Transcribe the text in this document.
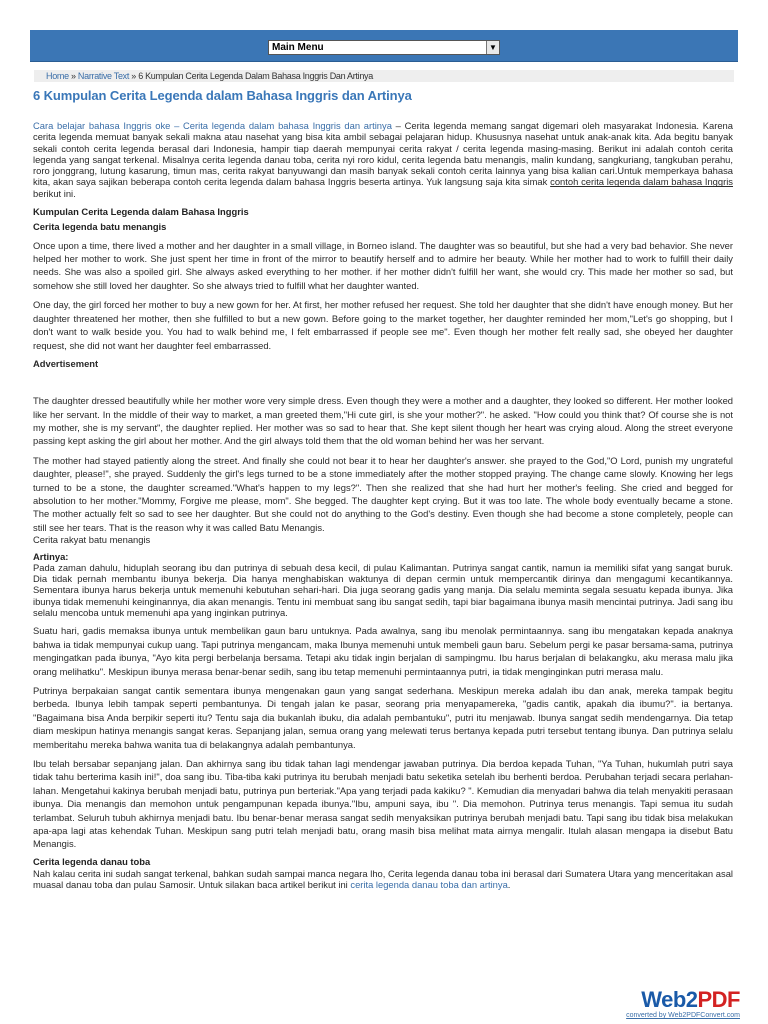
Main Menu	▼
Home » Narrative Text » 6 Kumpulan Cerita Legenda Dalam Bahasa Inggris Dan Artinya
6 Kumpulan Cerita Legenda dalam Bahasa Inggris dan Artinya

Cara belajar bahasa Inggris oke – Cerita legenda dalam bahasa Inggris dan artinya – Cerita legenda memang sangat digemari oleh masyarakat Indonesia. Karena cerita legenda memuat banyak sekali makna atau nasehat yang bisa kita ambil sebagai pelajaran hidup. Khususnya nasehat untuk anak-anak kita. Ada begitu banyak sekali contoh cerita legenda berasal dari Indonesia, hampir tiap daerah mempunyai cerita rakyat / cerita legenda masing-masing. Berikut ini adalah contoh cerita legenda yang sangat terkenal. Misalnya cerita legenda danau toba, cerita nyi roro kidul, cerita legenda batu menangis, malin kundang, sangkuriang, tangkuban perahu, roro jonggrang, lutung kasarung, timun mas, cerita rakyat banyuwangi dan masih banyak sekali contoh cerita lainnya yang bisa kalian cari.Untuk memperkaya bahasa kita, akan saya sajikan beberapa contoh cerita legenda dalam bahasa Inggris beserta artinya. Yuk langsung saja kita simak contoh cerita legenda dalam bahasa Inggris berikut ini.

Kumpulan Cerita Legenda dalam Bahasa Inggris

Cerita legenda batu menangis

Once upon a time, there lived a mother and her daughter in a small village, in Borneo island. The daughter was so beautiful, but she had a very bad behavior. She never helped her mother to work. She just spent her time in front of the mirror to beautify herself and to admire her beauty. While her mother had to work to fulfill their daily needs. She was also a spoiled girl. She always asked everything to her mother. if her mother didn't fulfill her want, she would cry. This made her mother so sad, but somehow she still loved her daughter. So she always tried to fulfill what her daughter wanted.

One day, the girl forced her mother to buy a new gown for her. At first, her mother refused her request. She told her daughter that she didn't have enough money. But her daughter threatened her mother, then she fulfilled to but a new gown. Before going to the market together, her daughter reminded her mom,"Let's go shopping, but I don't want to walk beside you. You had to walk behind me, I felt embarrassed if people see me". Even though her mother felt really sad, she obeyed her daughter request, she did not want her daughter feel embarrassed.

Advertisement

The daughter dressed beautifully while her mother wore very simple dress. Even though they were a mother and a daughter, they looked so different. Her mother looked like her servant. In the middle of their way to market, a man greeted them,"Hi cute girl, is she your mother?". he asked. "How could you think that? Of course she is not my mother, she is my servant", the daughter replied. Her mother was so sad to hear that. She kept silent though her heart was crying aloud. Along the street everyone passing kept asking the girl about her mother. And the girl always told them that the old woman behind her was her servant.

The mother had stayed patiently along the street. And finally she could not bear it to hear her daughter's answer. she prayed to the God,"O Lord, punish my ungrateful daughter, please!", she prayed. Suddenly the girl's legs turned to be a stone immediately after the mother stopped praying. The change came slowly. Knowing her legs turned to be a stone, the daughter screamed."What's happen to my legs?". Then she realized that she had hurt her mother's feeling. She cried and begged for absolution to her mother."Mommy, Forgive me please, mom". She begged. The daughter kept crying. But it was too late. The whole body eventually became a stone. The mother actually felt so sad to see her daughter. But she could not do anything to the God's destiny. Even though she had become a stone completely, people can still see her tears. That is the reason why it was called Batu Menangis.

Cerita rakyat batu menangis

Artinya:

Pada zaman dahulu, hiduplah seorang ibu dan putrinya di sebuah desa kecil, di pulau Kalimantan. Putrinya sangat cantik, namun ia memiliki sifat yang sangat buruk. Dia tidak pernah membantu ibunya bekerja. Dia hanya menghabiskan waktunya di depan cermin untuk mempercantik dirinya dan mengagumi kecantikannya. Sementara ibunya harus bekerja untuk memenuhi kebutuhan sehari-hari. Dia juga seorang gadis yang manja. Dia selalu meminta segala sesuatu kepada ibunya. Jika ibunya tidak memenuhi keinginannya, dia akan menangis. Tentu ini membuat sang ibu sangat sedih, tapi biar bagaimana ibunya masih mencintai putrinya. Jadi sang ibu selalu mencoba untuk memenuhi apa yang inginkan putrinya.

Suatu hari, gadis memaksa ibunya untuk membelikan gaun baru untuknya. Pada awalnya, sang ibu menolak permintaannya. sang ibu mengatakan kepada anaknya bahwa ia tidak mempunyai cukup uang. Tapi putrinya mengancam, maka Ibunya memenuhi untuk membeli gaun baru. Sebelum pergi ke pasar bersama-sama, putrinya mengingatkan pada ibunya, "Ayo kita pergi berbelanja bersama. Tetapi aku tidak ingin berjalan di sampingmu. Ibu harus berjalan di belakangku, aku merasa malu jika orang melihatku". Meskipun ibunya merasa benar-benar sedih, sang ibu tetap memenuhi permintaannya putri, ia tidak menginginkan putri merasa malu.

Putrinya berpakaian sangat cantik sementara ibunya mengenakan gaun yang sangat sederhana. Meskipun mereka adalah ibu dan anak, mereka tampak begitu berbeda. Ibunya lebih tampak seperti pembantunya. Di tengah jalan ke pasar, seorang pria menyapamereka, "gadis cantik, apakah dia ibumu?". ia bertanya. "Bagaimana bisa Anda berpikir seperti itu? Tentu saja dia bukanlah ibuku, dia adalah pembantuku", putri itu menjawab. Ibunya sangat sedih mendengarnya. Dia tetap diam meskipun hatinya menangis sangat keras. Sepanjang jalan, semua orang yang melewati terus bertanya kepada putri tersebut tentang ibunya. Dan putrinya selalu memberitahu mereka bahwa wanita tua di belakangnya adalah pembantunya.

Ibu telah bersabar sepanjang jalan. Dan akhirnya sang ibu tidak tahan lagi mendengar jawaban putrinya. Dia berdoa kepada Tuhan, "Ya Tuhan, hukumlah putri saya tidak tahu berterima kasih ini!", doa sang ibu. Tiba-tiba kaki putrinya itu berubah menjadi batu seketika setelah ibu berhenti berdoa. Perubahan terjadi secara perlahan-lahan. Mengetahui kakinya berubah menjadi batu, putrinya pun berteriak."Apa yang terjadi pada kakiku? ". Kemudian dia menyadari bahwa dia telah menyakiti perasaan ibunya. Dia menangis dan memohon untuk pengampunan kepada ibunya."Ibu, ampuni saya, ibu ". Dia memohon. Putrinya terus menangis. Tapi semua itu sudah terlambat. Seluruh tubuh akhirnya menjadi batu. Ibu benar-benar merasa sangat sedih menyaksikan putrinya berubah menjadi batu. Tapi sang ibu tidak bisa melakukan apa-apa lagi atas kehendak Tuhan. Meskipun sang putri telah menjadi batu, orang masih bisa melihat mata airnya mengalir. Itulah alasan mengapa ia disebut Batu Menangis.

Cerita legenda danau toba

Nah kalau cerita ini sudah sangat terkenal, bahkan sudah sampai manca negara lho, Cerita legenda danau toba ini berasal dari Sumatera Utara yang menceritakan asal muasal danau toba dan pulau Samosir. Untuk silakan baca artikel berikut ini cerita legenda danau toba dan artinya.

Web2PDF
converted by Web2PDFConvert.com
